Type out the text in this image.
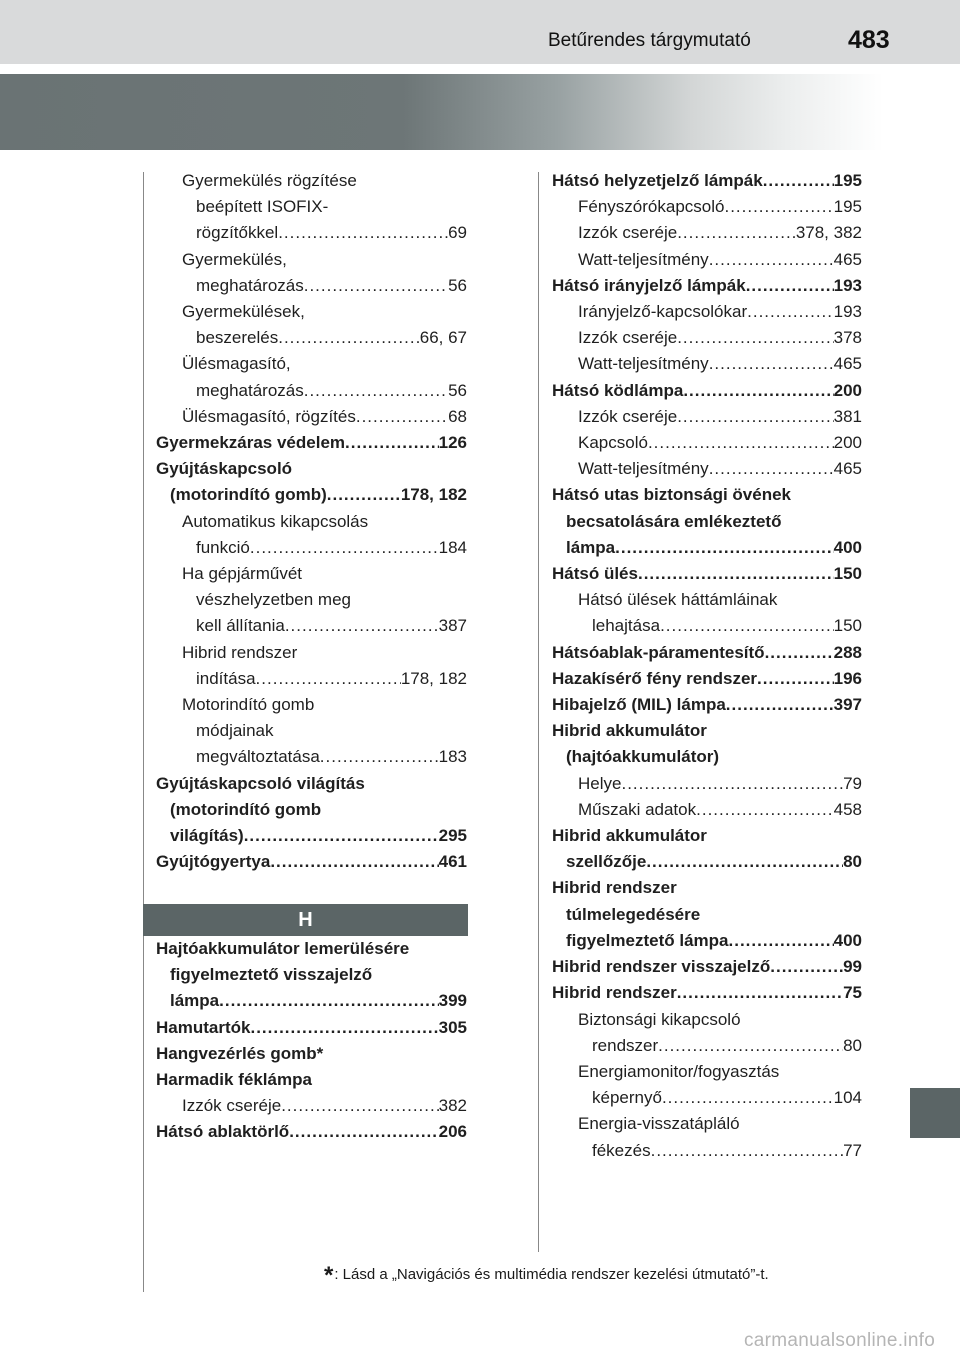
Betűrendes tárgymutató	483
Gyermekülés rögzítése
beépített ISOFIX-
rögzítőkkel .....	69
Gyermekülés,
meghatározás .....	56
Gyermekülések,
beszerelés .....	66, 67
Ülésmagasító,
meghatározás .....	56
Ülésmagasító, rögzítés .....	68
Gyermekzáras védelem .....	126
Gyújtáskapcsoló
(motorindító gomb) .....	178, 182
Automatikus kikapcsolás
funkció .....	184
Ha gépjárművét
vészhelyzetben meg
kell állítania .....	387
Hibrid rendszer
indítása .....	178, 182
Motorindító gomb
módjainak
megváltoztatása .....	183
Gyújtáskapcsoló világítás
(motorindító gomb
világítás) .....	295
Gyújtógyertya .....	461
H
Hajtóakkumulátor lemerülésére
figyelmeztető visszajelző
lámpa .....	399
Hamutartók .....	305
Hangvezérlés gomb*
Harmadik féklámpa
Izzók cseréje .....	382
Hátsó ablaktörlő .....	206
Hátsó helyzetjelző lámpák .....	195
Fényszórókapcsoló .....	195
Izzók cseréje .....	378, 382
Watt-teljesítmény .....	465
Hátsó irányjelző lámpák .....	193
Irányjelző-kapcsolókar .....	193
Izzók cseréje .....	378
Watt-teljesítmény .....	465
Hátsó ködlámpa .....	200
Izzók cseréje .....	381
Kapcsoló .....	200
Watt-teljesítmény .....	465
Hátsó utas biztonsági övének
becsatolására emlékeztető
lámpa .....	400
Hátsó ülés .....	150
Hátsó ülések háttámláinak
lehajtása .....	150
Hátsóablak-páramentesítő .....	288
Hazakísérő fény rendszer .....	196
Hibajelző (MIL) lámpa .....	397
Hibrid akkumulátor
(hajtóakkumulátor)
Helye .....	79
Műszaki adatok .....	458
Hibrid akkumulátor
szellőzője .....	80
Hibrid rendszer
túlmelegedésére
figyelmeztető lámpa .....	400
Hibrid rendszer visszajelző .....	99
Hibrid rendszer .....	75
Biztonsági kikapcsoló
rendszer .....	80
Energiamonitor/fogyasztás
képernyő .....	104
Energia-visszatápláló
fékezés .....	77
*: Lásd a „Navigációs és multimédia rendszer kezelési útmutató”-t.
carmanualsonline.info
